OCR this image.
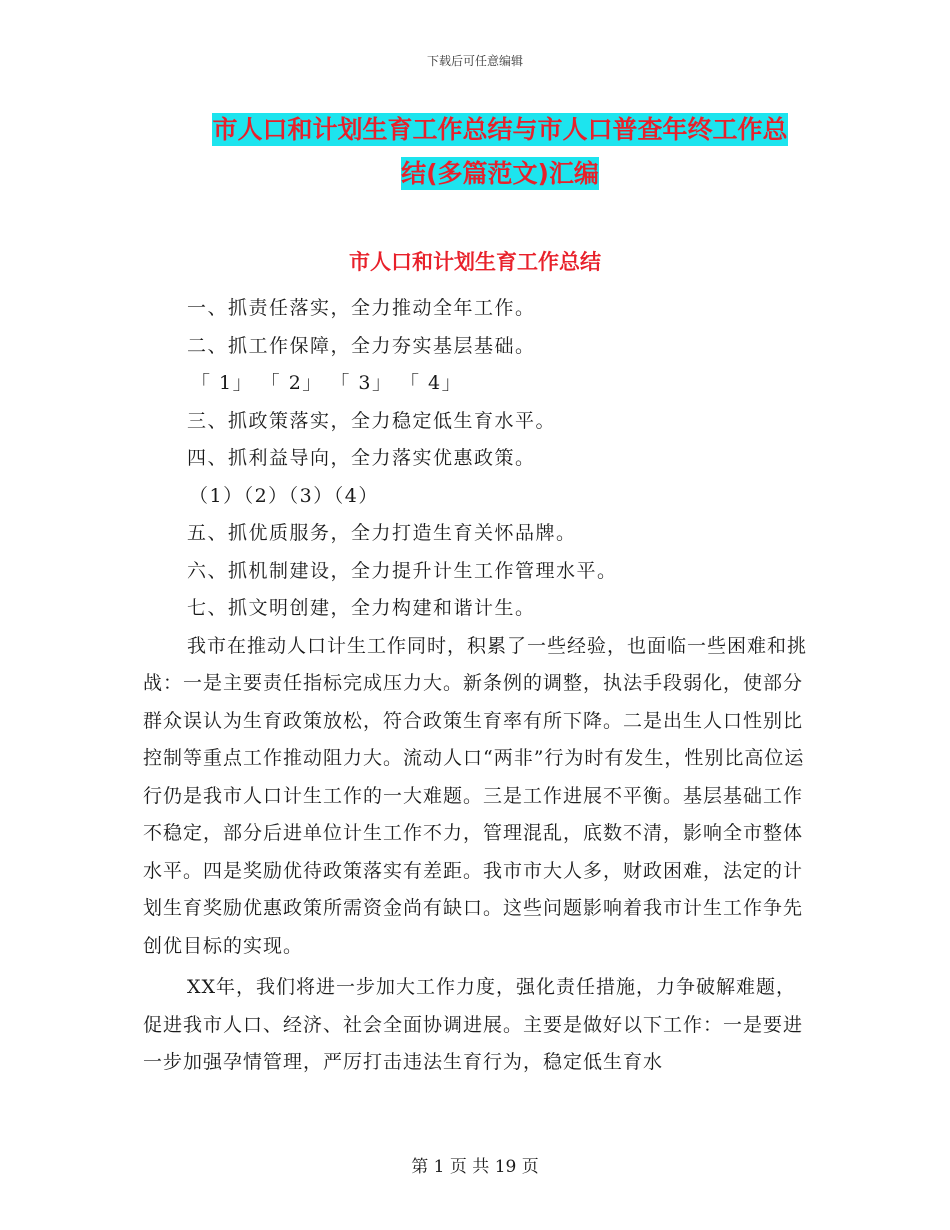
下载后可任意编辑
市人口和计划生育工作总结与市人口普查年终工作总
结(多篇范文)汇编
市人口和计划生育工作总结

一、抓责任落实，全力推动全年工作。

二、抓工作保障，全力夯实基层基础。

「 1」 「 2」 「 3」 「 4」

三、抓政策落实，全力稳定低生育水平。

四、抓利益导向，全力落实优惠政策。

（1）（2）（3）（4）

五、抓优质服务，全力打造生育关怀品牌。

六、抓机制建设，全力提升计生工作管理水平。

七、抓文明创建，全力构建和谐计生。

我市在推动人口计生工作同时，积累了一些经验，也面临一些困难和挑战：一是主要责任指标完成压力大。新条例的调整，执法手段弱化，使部分群众误认为生育政策放松，符合政策生育率有所下降。二是出生人口性别比控制等重点工作推动阻力大。流动人口“两非”行为时有发生，性别比高位运行仍是我市人口计生工作的一大难题。三是工作进展不平衡。基层基础工作不稳定，部分后进单位计生工作不力，管理混乱，底数不清，影响全市整体水平。四是奖励优待政策落实有差距。我市市大人多，财政困难，法定的计划生育奖励优惠政策所需资金尚有缺口。这些问题影响着我市计生工作争先创优目标的实现。

XX年，我们将进一步加大工作力度，强化责任措施，力争破解难题，促进我市人口、经济、社会全面协调进展。主要是做好以下工作：一是要进一步加强孕情管理，严厉打击违法生育行为，稳定低生育水

第 1 页 共 19 页
